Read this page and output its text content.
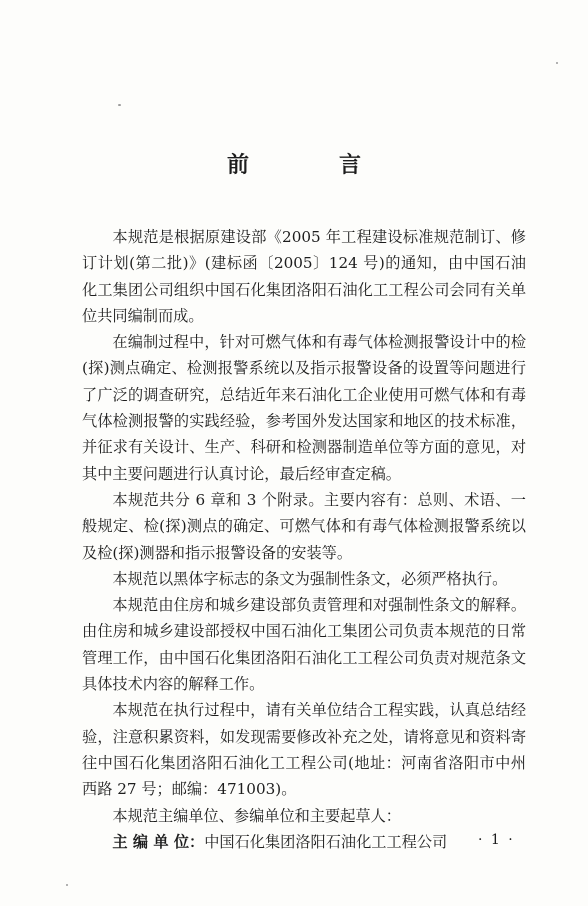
前　言

本规范是根据原建设部《2005 年工程建设标准规范制订、修订计划(第二批)》(建标函〔2005〕124 号)的通知，由中国石油化工集团公司组织中国石化集团洛阳石油化工工程公司会同有关单位共同编制而成。

在编制过程中，针对可燃气体和有毒气体检测报警设计中的检(探)测点确定、检测报警系统以及指示报警设备的设置等问题进行了广泛的调查研究，总结近年来石油化工企业使用可燃气体和有毒气体检测报警的实践经验，参考国外发达国家和地区的技术标准，并征求有关设计、生产、科研和检测器制造单位等方面的意见，对其中主要问题进行认真讨论，最后经审查定稿。

本规范共分 6 章和 3 个附录。主要内容有：总则、术语、一般规定、检(探)测点的确定、可燃气体和有毒气体检测报警系统以及检(探)测器和指示报警设备的安装等。

本规范以黑体字标志的条文为强制性条文，必须严格执行。

本规范由住房和城乡建设部负责管理和对强制性条文的解释。由住房和城乡建设部授权中国石油化工集团公司负责本规范的日常管理工作，由中国石化集团洛阳石油化工工程公司负责对规范条文具体技术内容的解释工作。

本规范在执行过程中，请有关单位结合工程实践，认真总结经验，注意积累资料，如发现需要修改补充之处，请将意见和资料寄往中国石化集团洛阳石油化工工程公司(地址：河南省洛阳市中州西路 27 号；邮编：471003)。

本规范主编单位、参编单位和主要起草人：

主 编 单 位：中国石化集团洛阳石油化工工程公司	· 1 ·
